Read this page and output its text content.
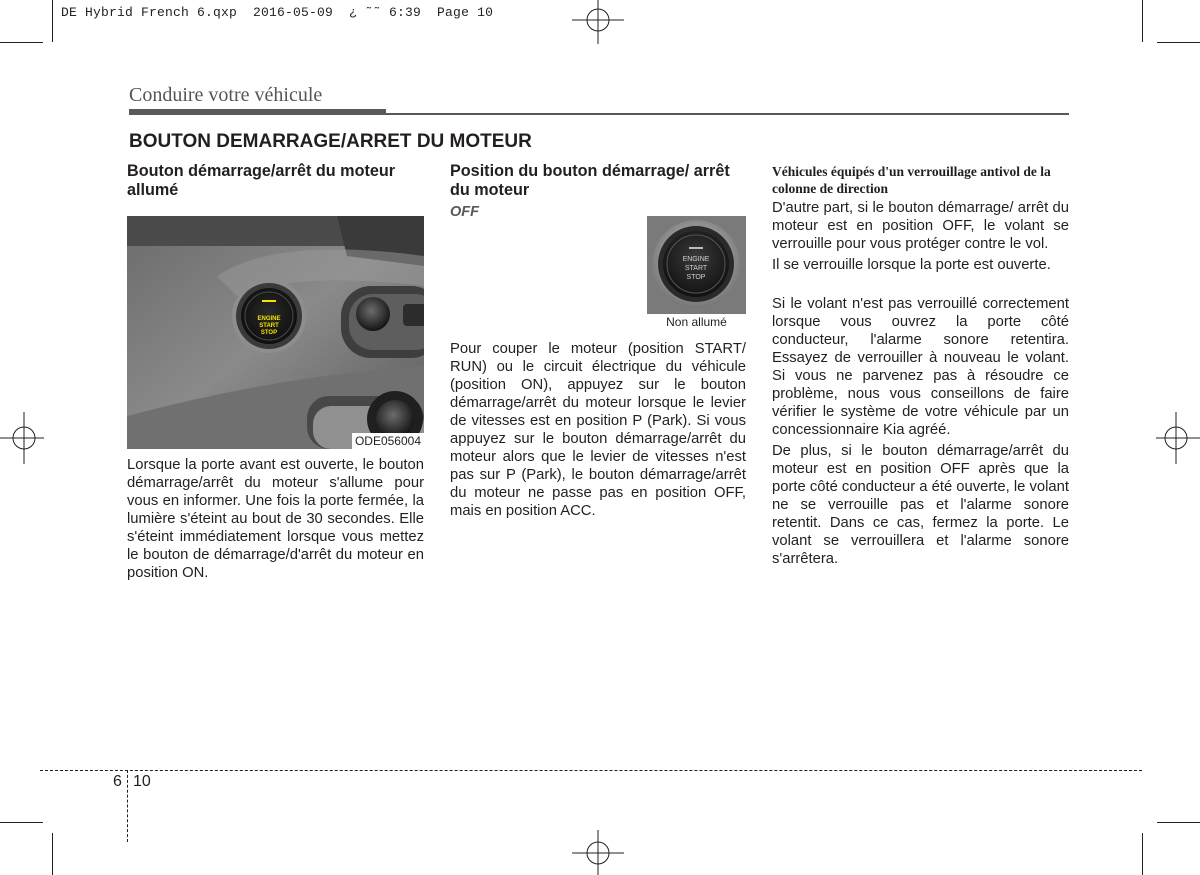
DE Hybrid French 6.qxp  2016-05-09  ¿ ˜˜ 6:39  Page 10
Conduire votre véhicule
BOUTON DEMARRAGE/ARRET DU MOTEUR

Bouton démarrage/arrêt du moteur allumé

ENGINE
START
STOP
ODE056004

Lorsque la porte avant est ouverte, le bouton démarrage/arrêt du moteur s'allume pour vous en informer. Une fois la porte fermée, la lumière s'éteint au bout de 30 secondes. Elle s'éteint immédiatement lorsque vous mettez le bouton de démarrage/d'arrêt du moteur en position ON.

Position du bouton démarrage/ arrêt du moteur

OFF
ENGINE
START
STOP
Non allumé

Pour couper le moteur (position START/ RUN) ou le circuit électrique du véhicule (position ON), appuyez sur le bouton démarrage/arrêt du moteur lorsque le levier de vitesses est en position P (Park). Si vous appuyez sur le bouton démarrage/arrêt du moteur alors que le levier de vitesses n'est pas sur P (Park), le bouton démarrage/arrêt du moteur ne passe pas en position OFF, mais en position ACC.

Véhicules équipés d'un verrouillage antivol de la colonne de direction

D'autre part, si le bouton démarrage/ arrêt du moteur est en position OFF, le volant se verrouille pour vous protéger contre le vol.

Il se verrouille lorsque la porte est ouverte.

Si le volant n'est pas verrouillé correctement lorsque vous ouvrez la porte côté conducteur, l'alarme sonore retentira. Essayez de verrouiller à nouveau le volant. Si vous ne parvenez pas à résoudre ce problème, nous vous conseillons de faire vérifier le système de votre véhicule par un concessionnaire Kia agréé.

De plus, si le bouton démarrage/arrêt du moteur est en position OFF après que la porte côté conducteur a été ouverte, le volant ne se verrouille pas et l'alarme sonore retentit. Dans ce cas, fermez la porte. Le volant se verrouillera et l'alarme sonore s'arrêtera.

6 10
